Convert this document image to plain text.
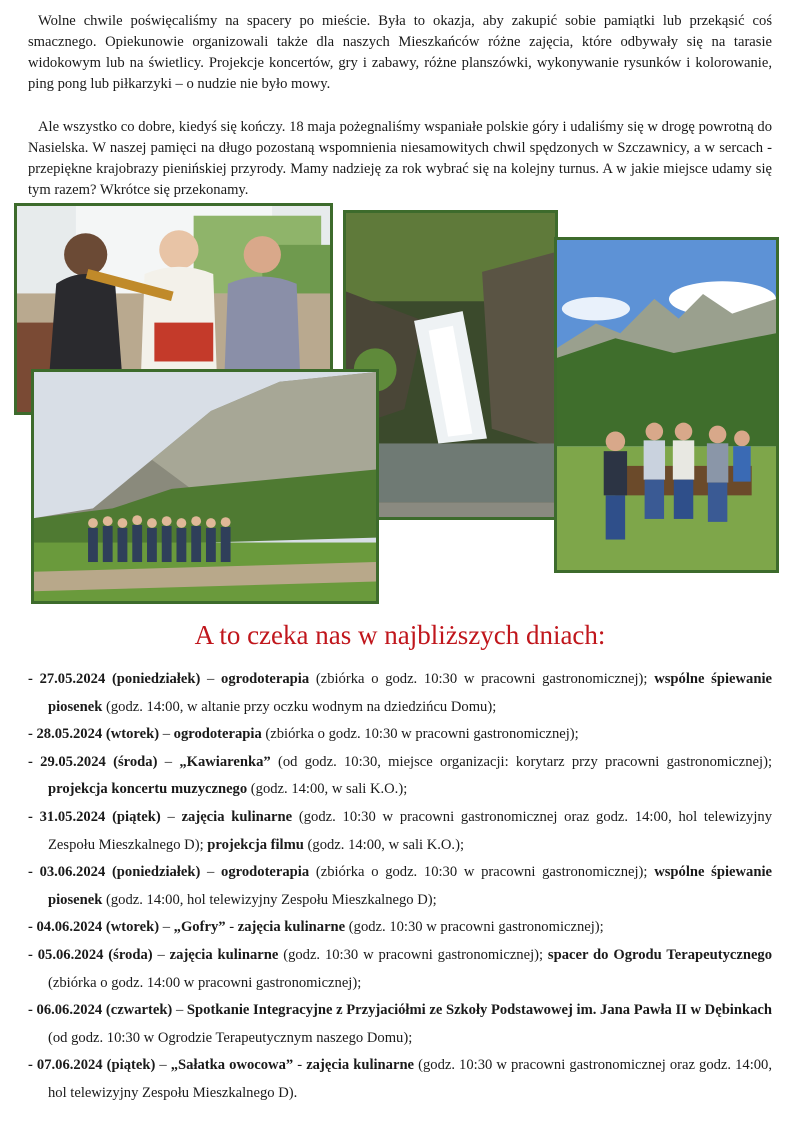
Wolne chwile poświęcaliśmy na spacery po mieście. Była to okazja, aby zakupić sobie pamiątki lub przekąsić coś smacznego. Opiekunowie organizowali także dla naszych Mieszkańców różne zajęcia, które odbywały się na tarasie widokowym lub na świetlicy. Projekcje koncertów, gry i zabawy, różne planszówki, wykonywanie rysunków i kolorowanie, ping pong lub piłkarzyki – o nudzie nie było mowy.

Ale wszystko co dobre, kiedyś się kończy. 18 maja pożegnaliśmy wspaniałe polskie góry i udaliśmy się w drogę powrotną do Nasielska. W naszej pamięci na długo pozostaną wspomnienia niesamowitych chwil spędzonych w Szczawnicy, a w sercach - przepiękne krajobrazy pienińskiej przyrody. Mamy nadzieję za rok wybrać się na kolejny turnus. A w jakie miejsce udamy się tym razem? Wkrótce się przekonamy.

A to czeka nas w najbliższych dniach:
- 27.05.2024 (poniedziałek) – ogrodoterapia (zbiórka o godz. 10:30 w pracowni gastronomicznej); wspólne śpiewanie piosenek (godz. 14:00, w altanie przy oczku wodnym na dziedzińcu Domu);
- 28.05.2024 (wtorek) – ogrodoterapia (zbiórka o godz. 10:30 w pracowni gastronomicznej);
- 29.05.2024 (środa) – „Kawiarenka” (od godz. 10:30, miejsce organizacji: korytarz przy pracowni gastronomicznej); projekcja koncertu muzycznego (godz. 14:00, w sali K.O.);
- 31.05.2024 (piątek) – zajęcia kulinarne (godz. 10:30 w pracowni gastronomicznej oraz godz. 14:00, hol telewizyjny Zespołu Mieszkalnego D); projekcja filmu (godz. 14:00, w sali K.O.);
- 03.06.2024 (poniedziałek) – ogrodoterapia (zbiórka o godz. 10:30 w pracowni gastronomicznej); wspólne śpiewanie piosenek (godz. 14:00, hol telewizyjny Zespołu Mieszkalnego D);
- 04.06.2024 (wtorek) – „Gofry” - zajęcia kulinarne (godz. 10:30 w pracowni gastronomicznej);
- 05.06.2024 (środa) – zajęcia kulinarne (godz. 10:30 w pracowni gastronomicznej); spacer do Ogrodu Terapeutycznego (zbiórka o godz. 14:00 w pracowni gastronomicznej);
- 06.06.2024 (czwartek) – Spotkanie Integracyjne z Przyjaciółmi ze Szkoły Podstawowej im. Jana Pawła II w Dębinkach (od godz. 10:30 w Ogrodzie Terapeutycznym naszego Domu);
- 07.06.2024 (piątek) – „Sałatka owocowa” - zajęcia kulinarne (godz. 10:30 w pracowni gastronomicznej oraz godz. 14:00, hol telewizyjny Zespołu Mieszkalnego D).
